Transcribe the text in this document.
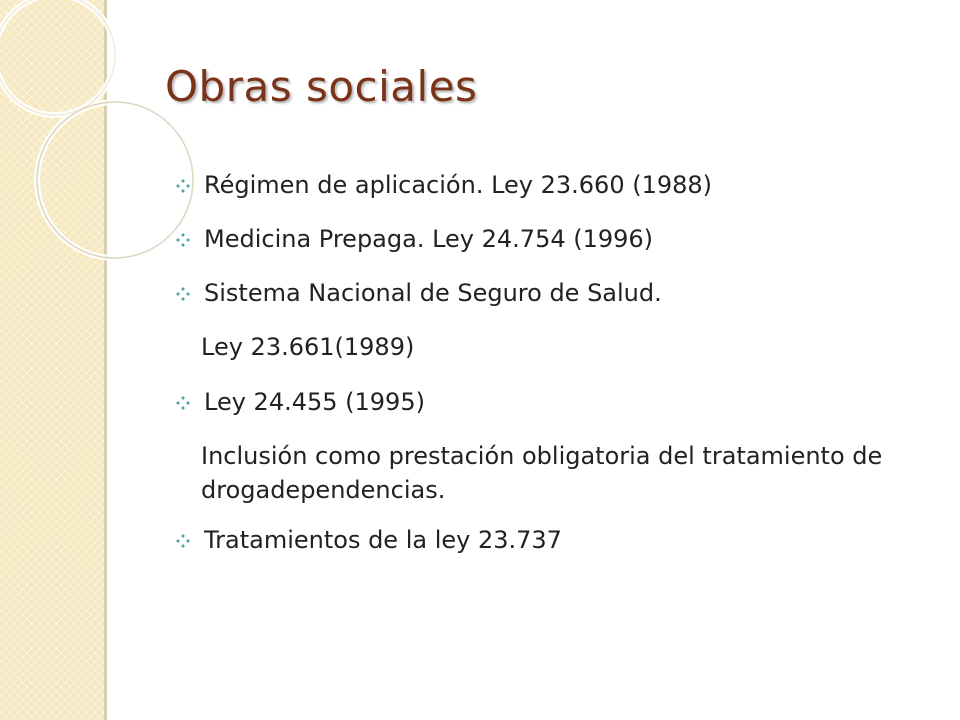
Obras sociales
Régimen de aplicación. Ley 23.660 (1988)
Medicina Prepaga. Ley 24.754 (1996)
Sistema Nacional de Seguro de Salud.
Ley 23.661(1989)
Ley 24.455 (1995)
Inclusión como prestación obligatoria del tratamiento de drogadependencias.
Tratamientos de la ley 23.737
